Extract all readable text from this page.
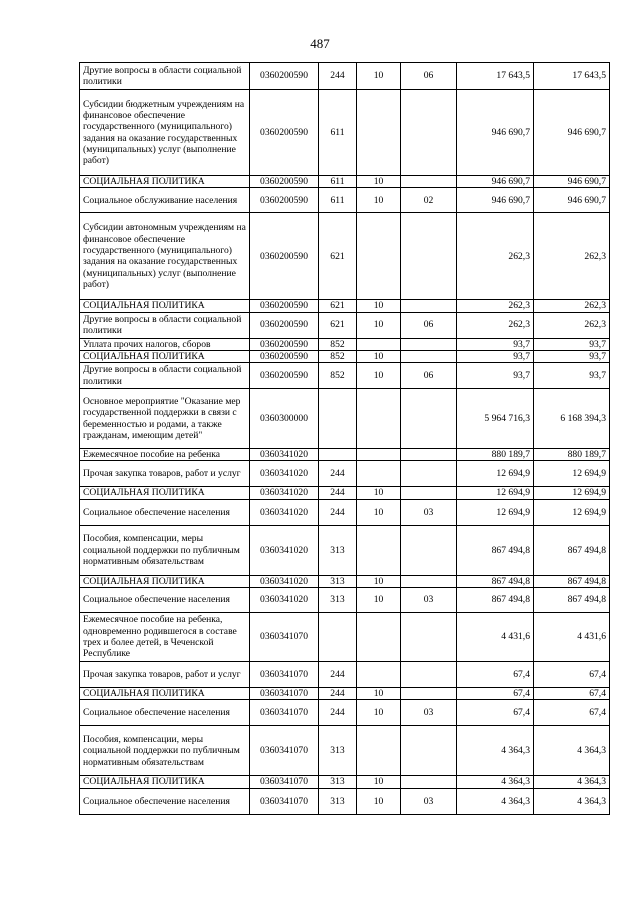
487
Другие вопросы в области социальной политики	0360200590	244	10	06	17 643,5	17 643,5
Субсидии бюджетным учреждениям на финансовое обеспечение государственного (муниципального) задания на оказание государственных (муниципальных) услуг (выполнение работ)	0360200590	611			946 690,7	946 690,7
СОЦИАЛЬНАЯ ПОЛИТИКА	0360200590	611	10		946 690,7	946 690,7
Социальное обслуживание населения	0360200590	611	10	02	946 690,7	946 690,7
Субсидии автономным учреждениям на финансовое обеспечение государственного (муниципального) задания на оказание государственных (муниципальных) услуг (выполнение работ)	0360200590	621			262,3	262,3
СОЦИАЛЬНАЯ ПОЛИТИКА	0360200590	621	10		262,3	262,3
Другие вопросы в области социальной политики	0360200590	621	10	06	262,3	262,3
Уплата прочих налогов, сборов	0360200590	852			93,7	93,7
СОЦИАЛЬНАЯ ПОЛИТИКА	0360200590	852	10		93,7	93,7
Другие вопросы в области социальной политики	0360200590	852	10	06	93,7	93,7
Основное мероприятие "Оказание мер государственной поддержки в связи с беременностью и родами, а также гражданам, имеющим детей"	0360300000				5 964 716,3	6 168 394,3
Ежемесячное пособие на ребенка	0360341020				880 189,7	880 189,7
Прочая закупка товаров, работ и услуг	0360341020	244			12 694,9	12 694,9
СОЦИАЛЬНАЯ ПОЛИТИКА	0360341020	244	10		12 694,9	12 694,9
Социальное обеспечение населения	0360341020	244	10	03	12 694,9	12 694,9
Пособия, компенсации, меры социальной поддержки по публичным нормативным обязательствам	0360341020	313			867 494,8	867 494,8
СОЦИАЛЬНАЯ ПОЛИТИКА	0360341020	313	10		867 494,8	867 494,8
Социальное обеспечение населения	0360341020	313	10	03	867 494,8	867 494,8
Ежемесячное пособие на ребенка, одновременно родившегося в составе трех и более детей, в Чеченской Республике	0360341070				4 431,6	4 431,6
Прочая закупка товаров, работ и услуг	0360341070	244			67,4	67,4
СОЦИАЛЬНАЯ ПОЛИТИКА	0360341070	244	10		67,4	67,4
Социальное обеспечение населения	0360341070	244	10	03	67,4	67,4
Пособия, компенсации, меры социальной поддержки по публичным нормативным обязательствам	0360341070	313			4 364,3	4 364,3
СОЦИАЛЬНАЯ ПОЛИТИКА	0360341070	313	10		4 364,3	4 364,3
Социальное обеспечение населения	0360341070	313	10	03	4 364,3	4 364,3
